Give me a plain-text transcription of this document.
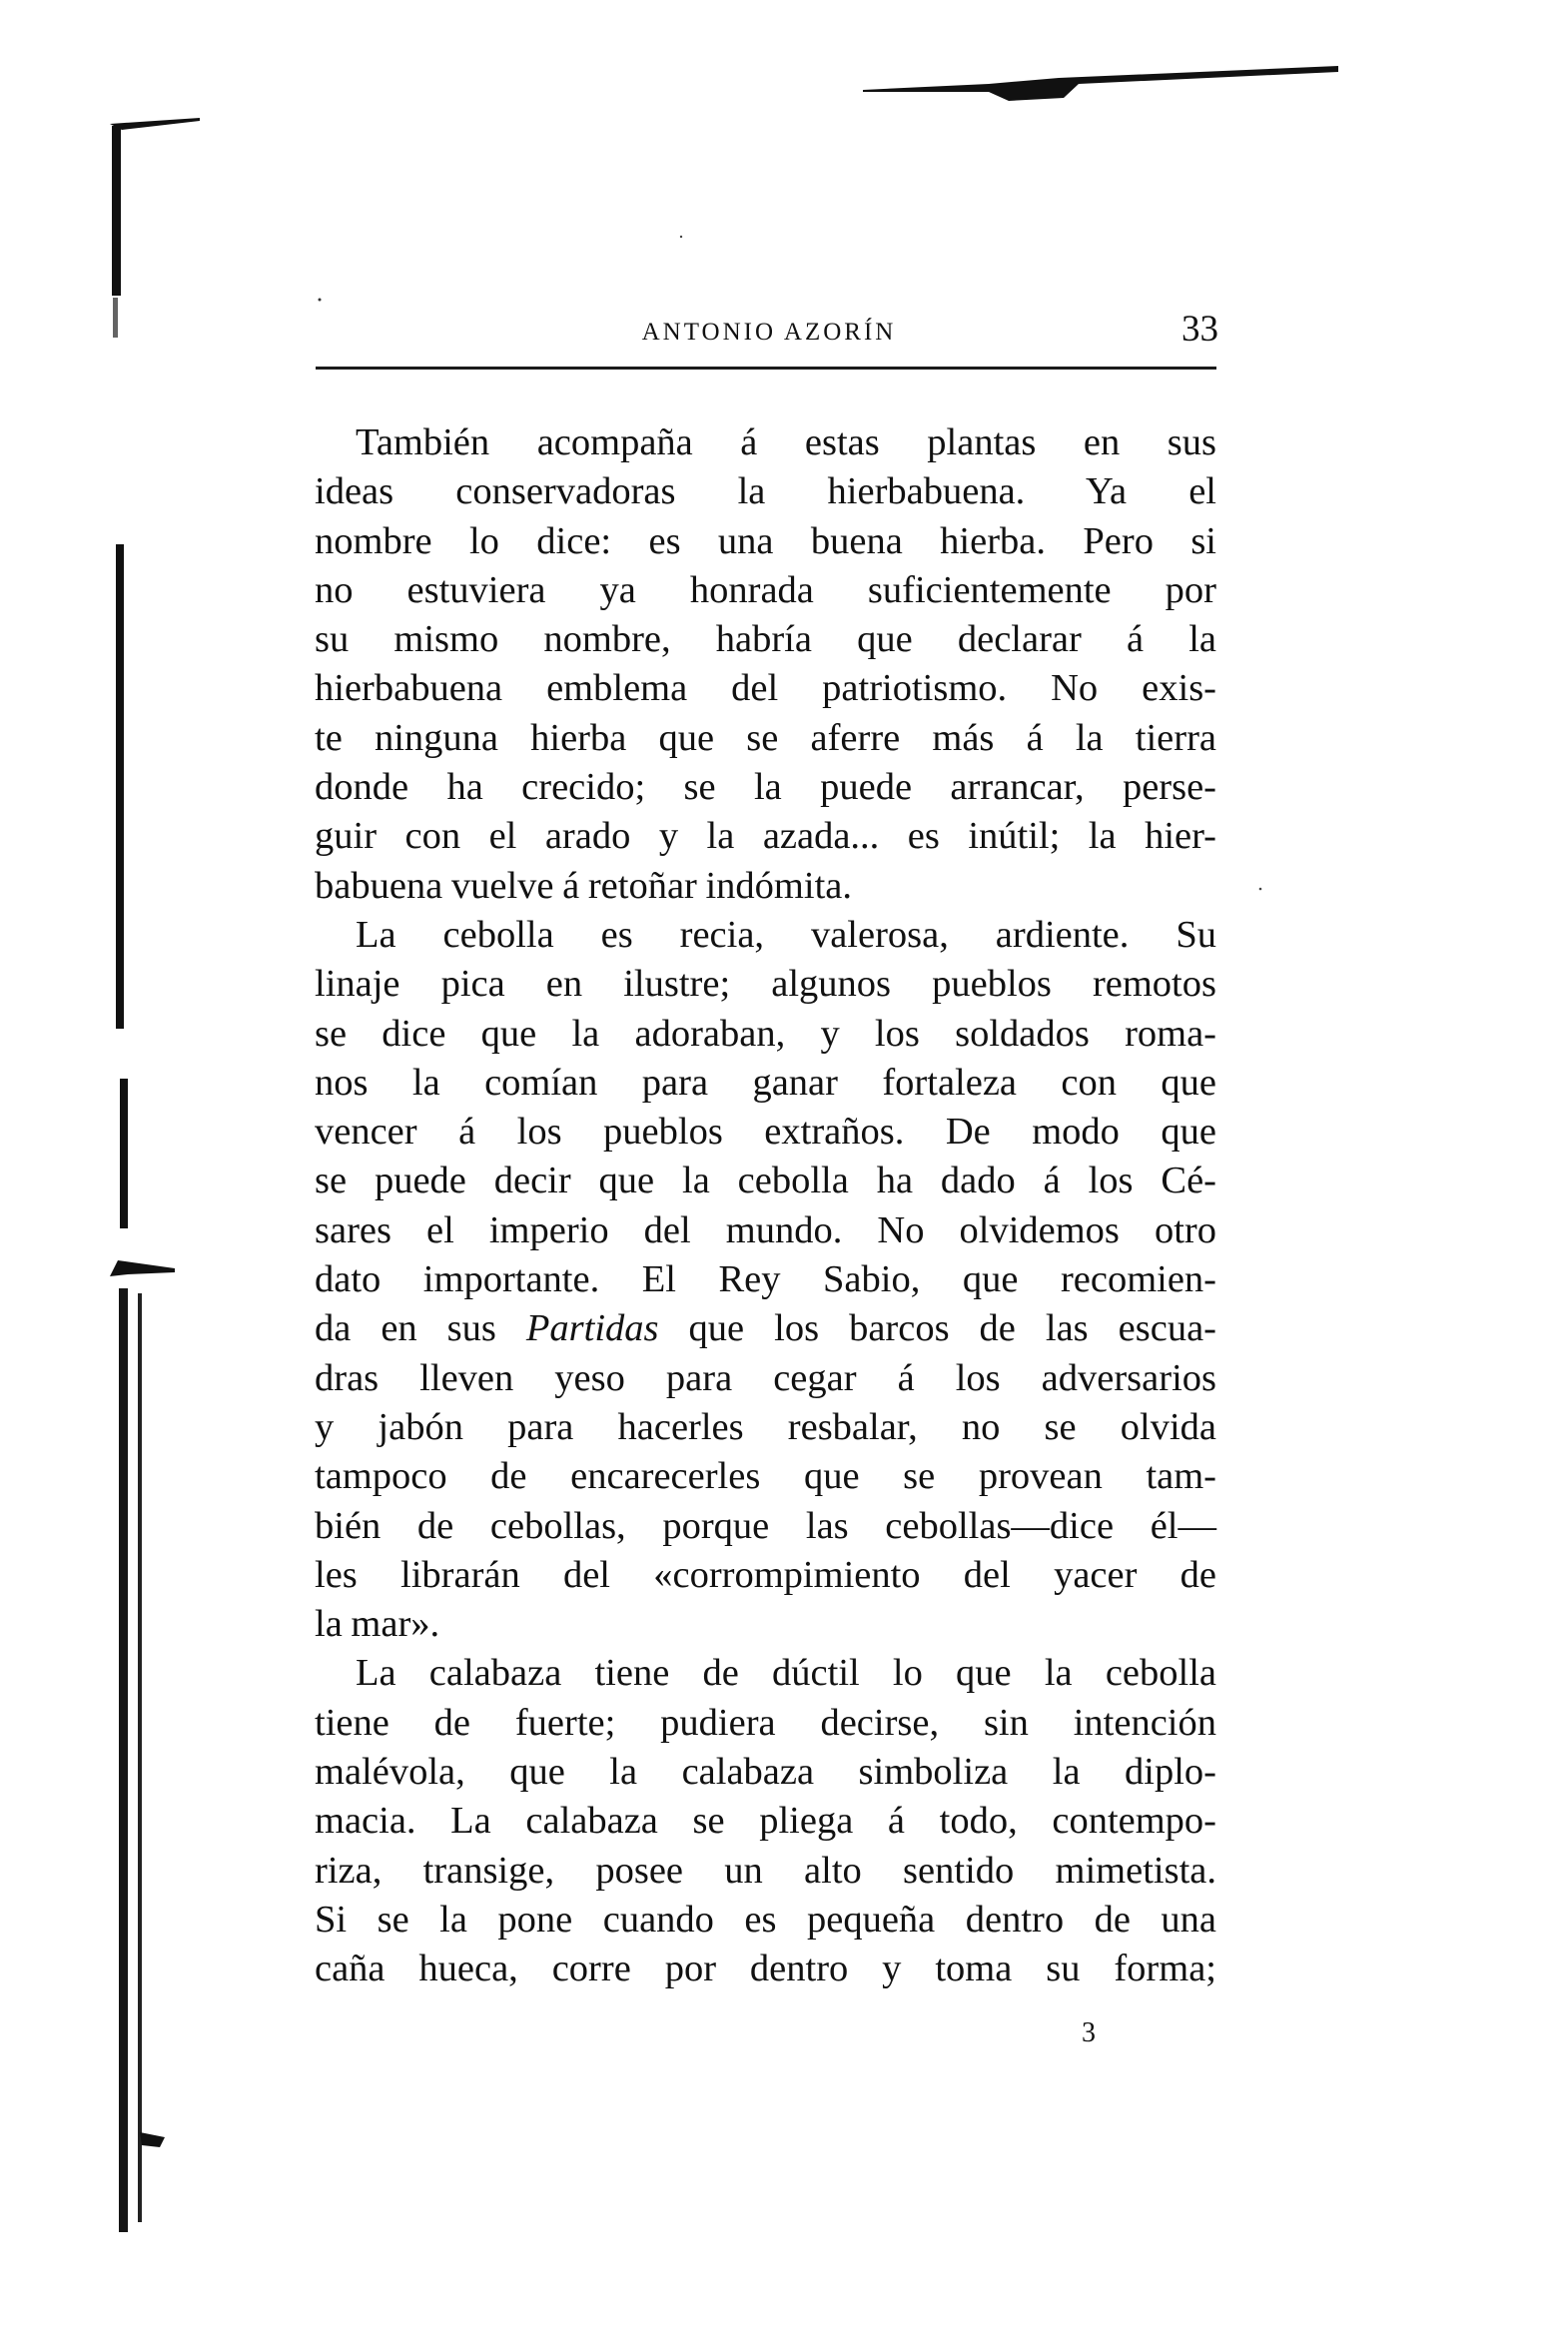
ANTONIO AZORÍN	33
También acompaña á estas plantas en sus
ideas conservadoras la hierbabuena. Ya el
nombre lo dice: es una buena hierba. Pero si
no estuviera ya honrada suficientemente por
su mismo nombre, habría que declarar á la
hierbabuena emblema del patriotismo. No exis-
te ninguna hierba que se aferre más á la tierra
donde ha crecido; se la puede arrancar, perse-
guir con el arado y la azada... es inútil; la hier-
babuena vuelve á retoñar indómita.
La cebolla es recia, valerosa, ardiente. Su
linaje pica en ilustre; algunos pueblos remotos
se dice que la adoraban, y los soldados roma-
nos la comían para ganar fortaleza con que
vencer á los pueblos extraños. De modo que
se puede decir que la cebolla ha dado á los Cé-
sares el imperio del mundo. No olvidemos otro
dato importante. El Rey Sabio, que recomien-
da en sus Partidas que los barcos de las escua-
dras lleven yeso para cegar á los adversarios
y jabón para hacerles resbalar, no se olvida
tampoco de encarecerles que se provean tam-
bién de cebollas, porque las cebollas—dice él—
les librarán del «corrompimiento del yacer de
la mar».
La calabaza tiene de dúctil lo que la cebolla
tiene de fuerte; pudiera decirse, sin intención
malévola, que la calabaza simboliza la diplo-
macia. La calabaza se pliega á todo, contempo-
riza, transige, posee un alto sentido mimetista.
Si se la pone cuando es pequeña dentro de una
caña hueca, corre por dentro y toma su forma;
3
